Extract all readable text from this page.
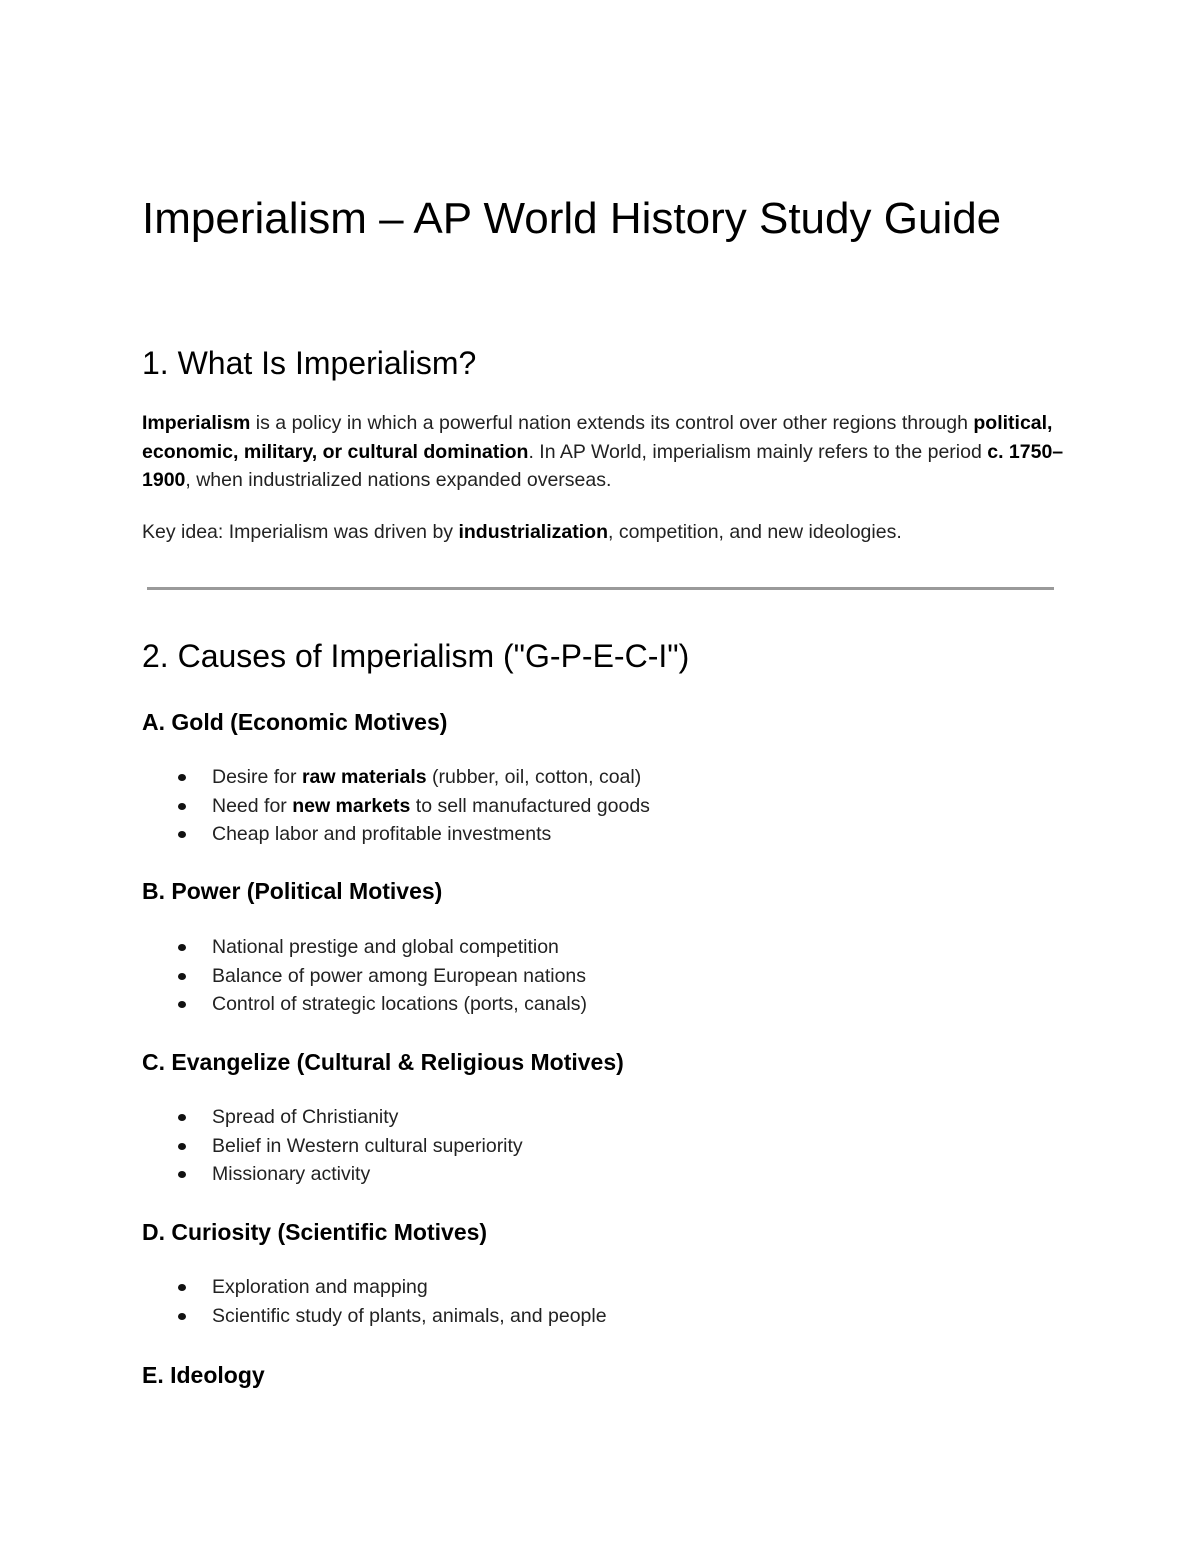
Imperialism – AP World History Study Guide
1. What Is Imperialism?

Imperialism is a policy in which a powerful nation extends its control over other regions through political, economic, military, or cultural domination. In AP World, imperialism mainly refers to the period c. 1750–1900, when industrialized nations expanded overseas.

Key idea: Imperialism was driven by industrialization, competition, and new ideologies.

2. Causes of Imperialism ("G-P-E-C-I")
A. Gold (Economic Motives)
Desire for raw materials (rubber, oil, cotton, coal)
Need for new markets to sell manufactured goods
Cheap labor and profitable investments
B. Power (Political Motives)
National prestige and global competition
Balance of power among European nations
Control of strategic locations (ports, canals)
C. Evangelize (Cultural & Religious Motives)
Spread of Christianity
Belief in Western cultural superiority
Missionary activity
D. Curiosity (Scientific Motives)
Exploration and mapping
Scientific study of plants, animals, and people
E. Ideology
